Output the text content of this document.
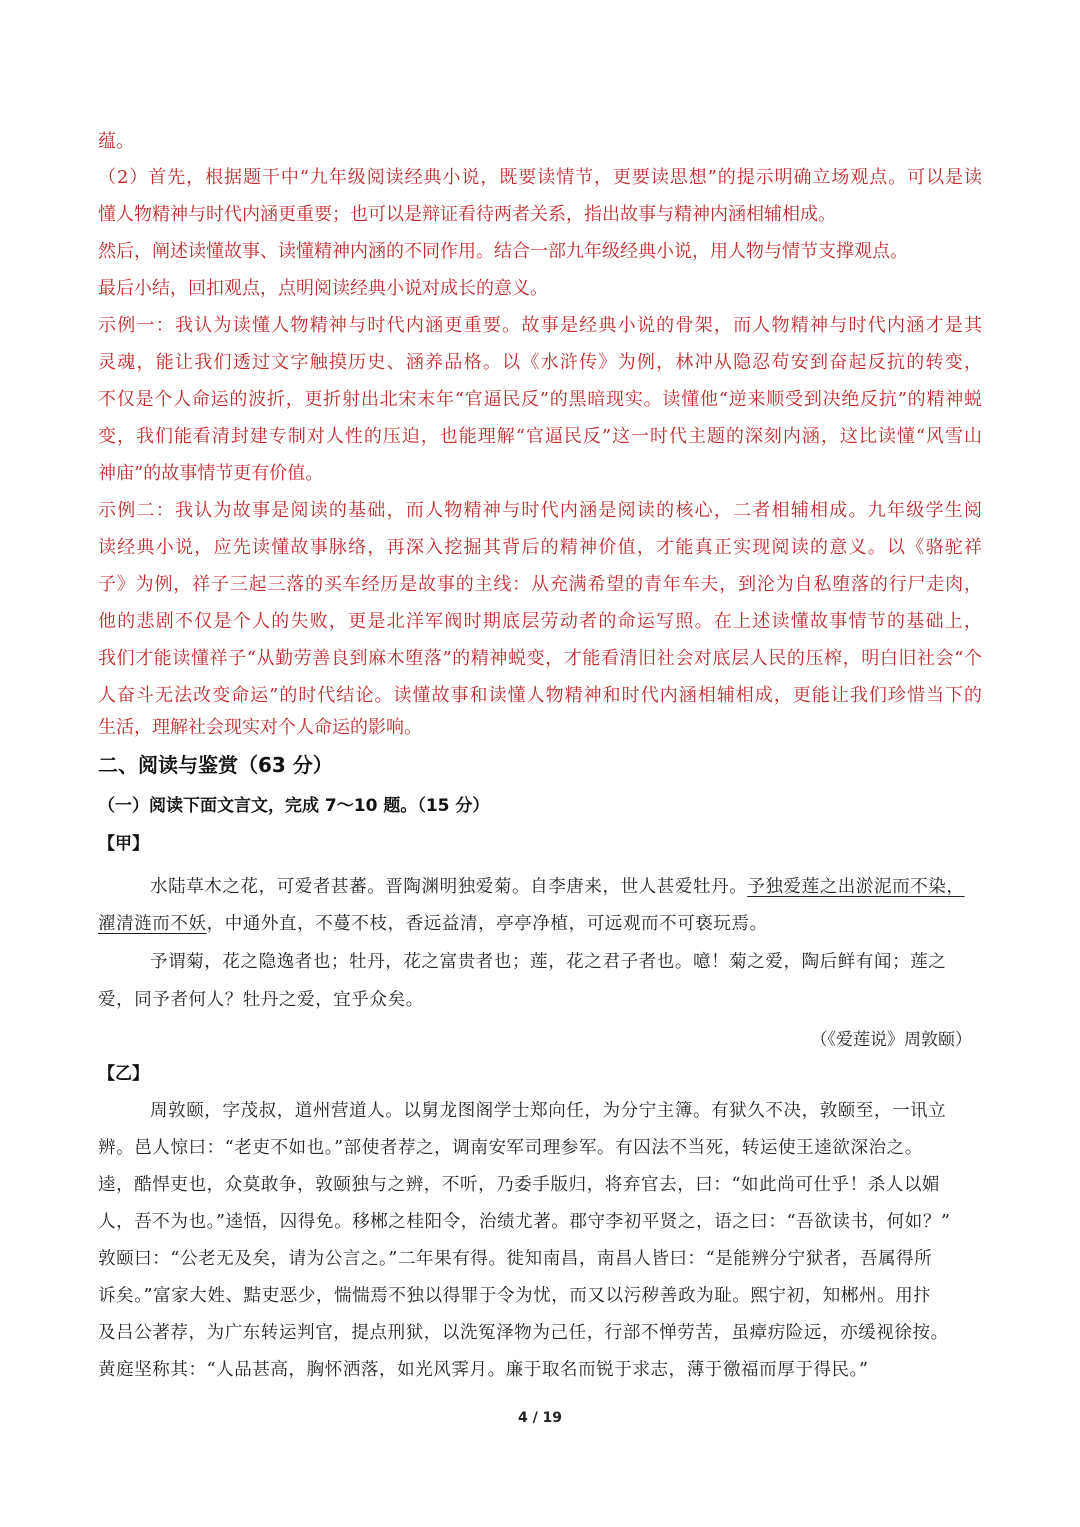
蕴。
（2）首先，根据题干中“九年级阅读经典小说，既要读情节，更要读思想”的提示明确立场观点。可以是读
懂人物精神与时代内涵更重要；也可以是辩证看待两者关系，指出故事与精神内涵相辅相成。
然后，阐述读懂故事、读懂精神内涵的不同作用。结合一部九年级经典小说，用人物与情节支撑观点。
最后小结，回扣观点，点明阅读经典小说对成长的意义。
示例一：我认为读懂人物精神与时代内涵更重要。故事是经典小说的骨架，而人物精神与时代内涵才是其
灵魂，能让我们透过文字触摸历史、涵养品格。以《水浒传》为例，林冲从隐忍苟安到奋起反抗的转变，
不仅是个人命运的波折，更折射出北宋末年“官逼民反”的黑暗现实。读懂他“逆来顺受到决绝反抗”的精神蜕
变，我们能看清封建专制对人性的压迫，也能理解“官逼民反”这一时代主题的深刻内涵，这比读懂“风雪山
神庙”的故事情节更有价值。
示例二：我认为故事是阅读的基础，而人物精神与时代内涵是阅读的核心，二者相辅相成。九年级学生阅
读经典小说，应先读懂故事脉络，再深入挖掘其背后的精神价值，才能真正实现阅读的意义。以《骆驼祥
子》为例，祥子三起三落的买车经历是故事的主线：从充满希望的青年车夫，到沦为自私堕落的行尸走肉，
他的悲剧不仅是个人的失败，更是北洋军阀时期底层劳动者的命运写照。在上述读懂故事情节的基础上，
我们才能读懂祥子“从勤劳善良到麻木堕落”的精神蜕变，才能看清旧社会对底层人民的压榨，明白旧社会“个
人奋斗无法改变命运”的时代结论。读懂故事和读懂人物精神和时代内涵相辅相成，更能让我们珍惜当下的
生活，理解社会现实对个人命运的影响。
二、阅读与鉴赏（63 分）
（一）阅读下面文言文，完成 7～10 题。（15 分）
【甲】
水陆草木之花，可爱者甚蕃。晋陶渊明独爱菊。自李唐来，世人甚爱牡丹。予独爱莲之出淤泥而不染，
濯清涟而不妖，中通外直，不蔓不枝，香远益清，亭亭净植，可远观而不可亵玩焉。
予谓菊，花之隐逸者也；牡丹，花之富贵者也；莲，花之君子者也。噫！菊之爱，陶后鲜有闻；莲之
爱，同予者何人？牡丹之爱，宜乎众矣。
（《爱莲说》周敦颐）
【乙】
周敦颐，字茂叔，道州营道人。以舅龙图阁学士郑向任，为分宁主簿。有狱久不决，敦颐至，一讯立
辨。邑人惊曰：“老吏不如也。”部使者荐之，调南安军司理参军。有囚法不当死，转运使王逵欲深治之。
逵，酷悍吏也，众莫敢争，敦颐独与之辨，不听，乃委手版归，将弃官去，曰：“如此尚可仕乎！杀人以媚
人，吾不为也。”逵悟，囚得免。移郴之桂阳令，治绩尤著。郡守李初平贤之，语之曰：“吾欲读书，何如？”
敦颐曰：“公老无及矣，请为公言之。”二年果有得。徙知南昌，南昌人皆曰：“是能辨分宁狱者，吾属得所
诉矣。”富家大姓、黠吏恶少，惴惴焉不独以得罪于令为忧，而又以污秽善政为耻。熙宁初，知郴州。用抃
及吕公著荐，为广东转运判官，提点刑狱，以洗冤泽物为己任，行部不惮劳苦，虽瘴疠险远，亦缓视徐按。
黄庭坚称其：“人品甚高，胸怀洒落，如光风霁月。廉于取名而锐于求志，薄于徼福而厚于得民。”
4 / 19
